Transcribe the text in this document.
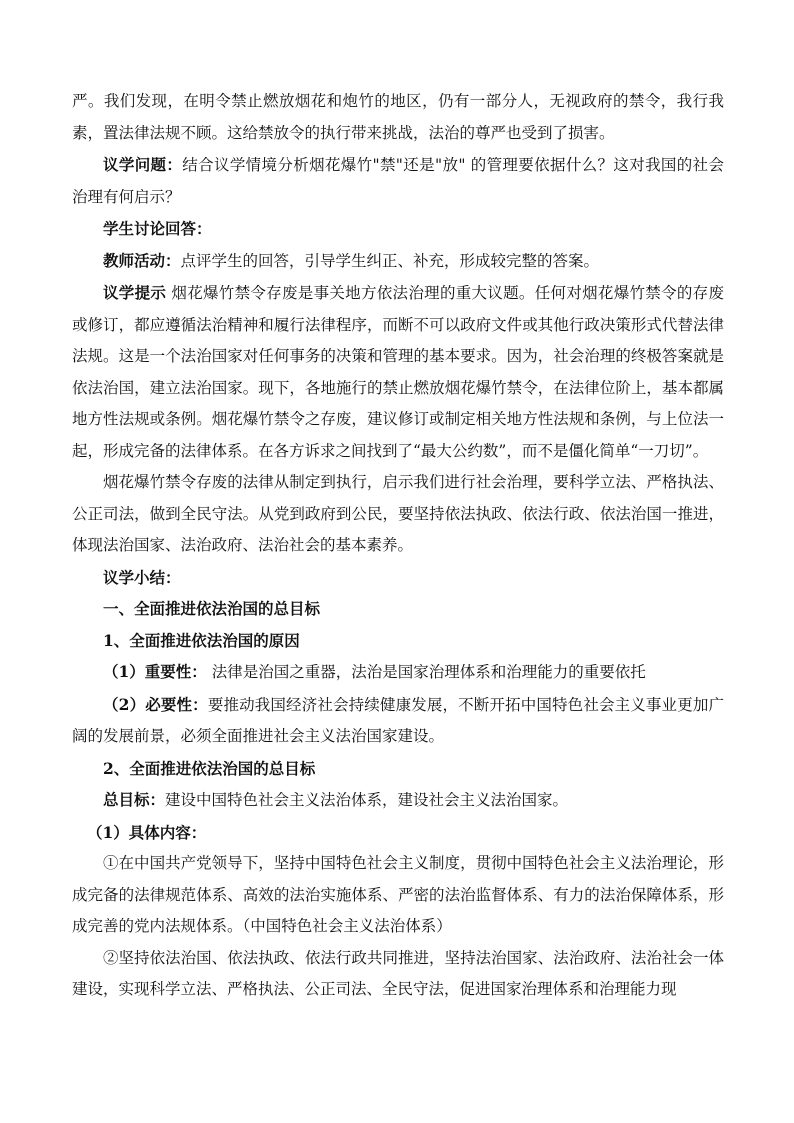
严。我们发现，在明令禁止燃放烟花和炮竹的地区，仍有一部分人，无视政府的禁令，我行我素，置法律法规不顾。这给禁放令的执行带来挑战，法治的尊严也受到了损害。

议学问题：结合议学情境分析烟花爆竹"禁"还是"放" 的管理要依据什么？这对我国的社会治理有何启示？

学生讨论回答：

教师活动：点评学生的回答，引导学生纠正、补充，形成较完整的答案。

议学提示 烟花爆竹禁令存废是事关地方依法治理的重大议题。任何对烟花爆竹禁令的存废或修订，都应遵循法治精神和履行法律程序，而断不可以政府文件或其他行政决策形式代替法律法规。这是一个法治国家对任何事务的决策和管理的基本要求。因为，社会治理的终极答案就是依法治国，建立法治国家。现下，各地施行的禁止燃放烟花爆竹禁令，在法律位阶上，基本都属地方性法规或条例。烟花爆竹禁令之存废，建议修订或制定相关地方性法规和条例，与上位法一起，形成完备的法律体系。在各方诉求之间找到了“最大公约数”，而不是僵化简单“一刀切”。

烟花爆竹禁令存废的法律从制定到执行，启示我们进行社会治理，要科学立法、严格执法、公正司法，做到全民守法。从党到政府到公民，要坚持依法执政、依法行政、依法治国一推进，体现法治国家、法治政府、法治社会的基本素养。

议学小结：

一、全面推进依法治国的总目标

1、全面推进依法治国的原因

（1）重要性： 法律是治国之重器，法治是国家治理体系和治理能力的重要依托

（2）必要性：要推动我国经济社会持续健康发展，不断开拓中国特色社会主义事业更加广阔的发展前景，必须全面推进社会主义法治国家建设。

2、全面推进依法治国的总目标

总目标：建设中国特色社会主义法治体系，建设社会主义法治国家。

（1）具体内容：

①在中国共产党领导下，坚持中国特色社会主义制度，贯彻中国特色社会主义法治理论，形成完备的法律规范体系、高效的法治实施体系、严密的法治监督体系、有力的法治保障体系，形成完善的党内法规体系。（中国特色社会主义法治体系）

②坚持依法治国、依法执政、依法行政共同推进，坚持法治国家、法治政府、法治社会一体建设，实现科学立法、严格执法、公正司法、全民守法，促进国家治理体系和治理能力现
